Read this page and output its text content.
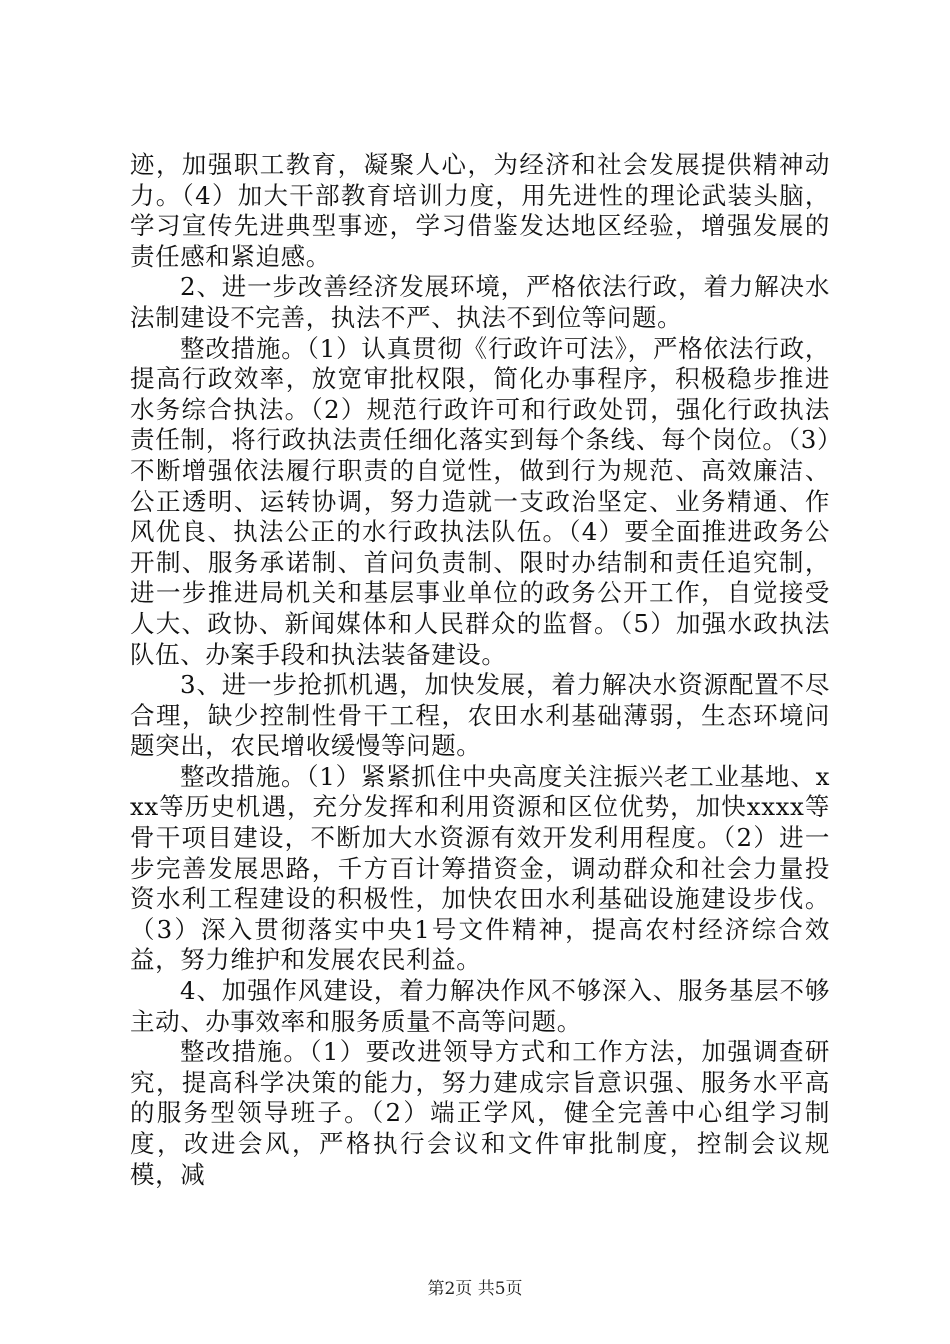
迹，加强职工教育，凝聚人心，为经济和社会发展提供精神动力。（4）加大干部教育培训力度，用先进性的理论武装头脑，学习宣传先进典型事迹，学习借鉴发达地区经验，增强发展的责任感和紧迫感。

2、进一步改善经济发展环境，严格依法行政，着力解决水法制建设不完善，执法不严、执法不到位等问题。

整改措施。（1）认真贯彻《行政许可法》，严格依法行政，提高行政效率，放宽审批权限，简化办事程序，积极稳步推进水务综合执法。（2）规范行政许可和行政处罚，强化行政执法责任制，将行政执法责任细化落实到每个条线、每个岗位。（3）不断增强依法履行职责的自觉性，做到行为规范、高效廉洁、公正透明、运转协调，努力造就一支政治坚定、业务精通、作风优良、执法公正的水行政执法队伍。（4）要全面推进政务公开制、服务承诺制、首问负责制、限时办结制和责任追究制，进一步推进局机关和基层事业单位的政务公开工作，自觉接受人大、政协、新闻媒体和人民群众的监督。（5）加强水政执法队伍、办案手段和执法装备建设。

3、进一步抢抓机遇，加快发展，着力解决水资源配置不尽合理，缺少控制性骨干工程，农田水利基础薄弱，生态环境问题突出，农民增收缓慢等问题。

整改措施。（1）紧紧抓住中央高度关注振兴老工业基地、xxx等历史机遇，充分发挥和利用资源和区位优势，加快xxxx等骨干项目建设，不断加大水资源有效开发利用程度。（2）进一步完善发展思路，千方百计筹措资金，调动群众和社会力量投资水利工程建设的积极性，加快农田水利基础设施建设步伐。（3）深入贯彻落实中央1号文件精神，提高农村经济综合效益，努力维护和发展农民利益。

4、加强作风建设，着力解决作风不够深入、服务基层不够主动、办事效率和服务质量不高等问题。

整改措施。（1）要改进领导方式和工作方法，加强调查研究，提高科学决策的能力，努力建成宗旨意识强、服务水平高的服务型领导班子。（2）端正学风，健全完善中心组学习制度，改进会风，严格执行会议和文件审批制度，控制会议规模，减

第2页 共5页
